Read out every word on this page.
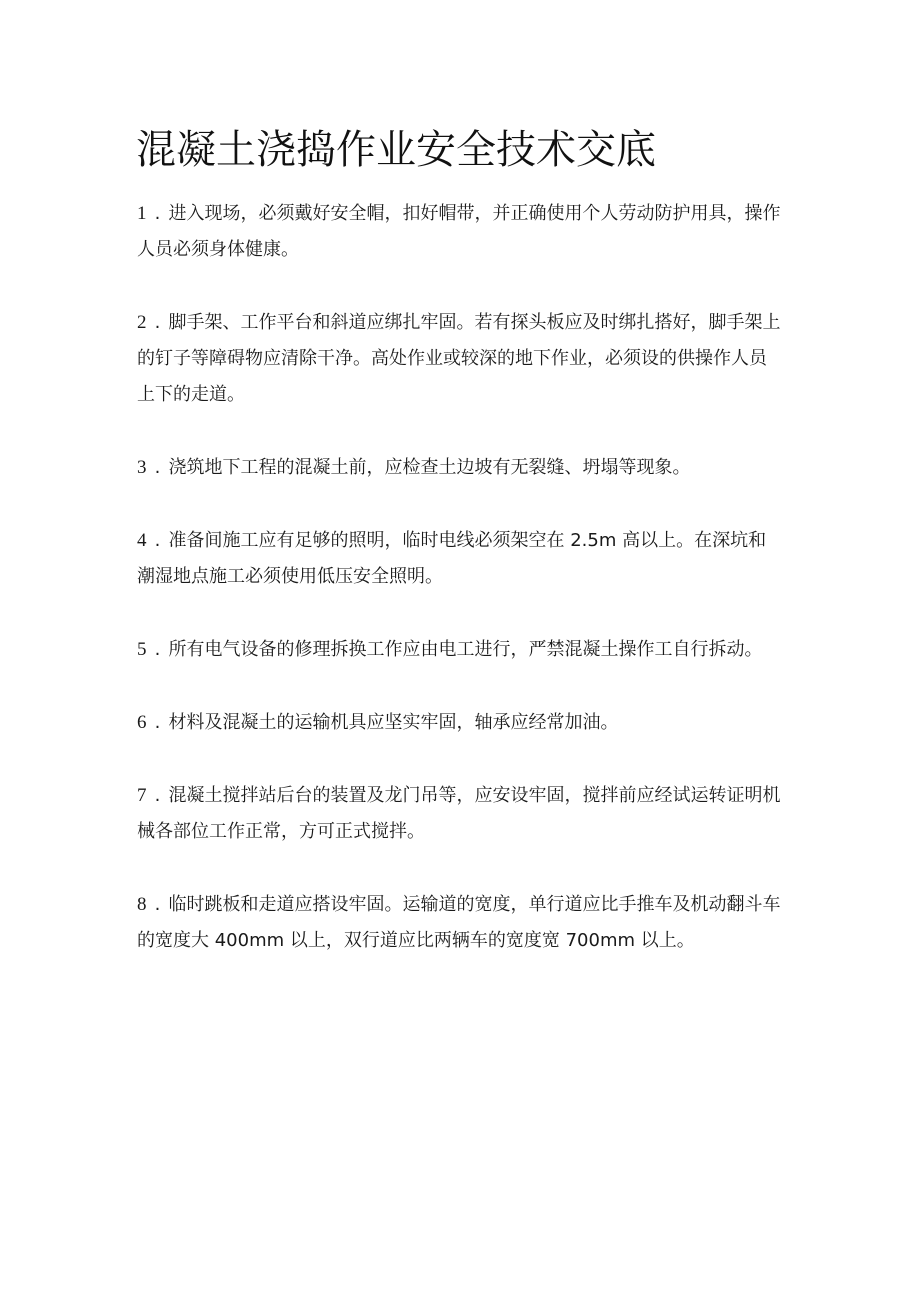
混凝土浇捣作业安全技术交底
1 . 进入现场，必须戴好安全帽，扣好帽带，并正确使用个人劳动防护用具，操作人员必须身体健康。
2 . 脚手架、工作平台和斜道应绑扎牢固。若有探头板应及时绑扎搭好，脚手架上的钉子等障碍物应清除干净。高处作业或较深的地下作业，必须设的供操作人员上下的走道。
3 . 浇筑地下工程的混凝土前，应检查土边坡有无裂缝、坍塌等现象。
4 . 准备间施工应有足够的照明，临时电线必须架空在 2.5m 高以上。在深坑和潮湿地点施工必须使用低压安全照明。
5 . 所有电气设备的修理拆换工作应由电工进行，严禁混凝土操作工自行拆动。
6 . 材料及混凝土的运输机具应坚实牢固，轴承应经常加油。
7 . 混凝土搅拌站后台的装置及龙门吊等，应安设牢固，搅拌前应经试运转证明机械各部位工作正常，方可正式搅拌。
8 . 临时跳板和走道应搭设牢固。运输道的宽度，单行道应比手推车及机动翻斗车的宽度大 400mm 以上，双行道应比两辆车的宽度宽 700mm 以上。
